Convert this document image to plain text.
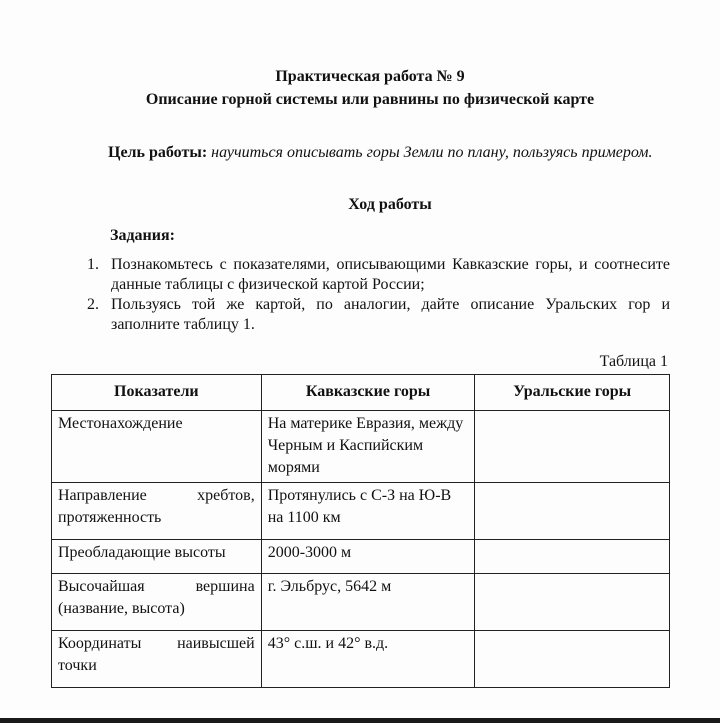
Практическая работа № 9
Описание горной системы или равнины по физической карте
Цель работы: научиться описывать горы Земли по плану, пользуясь примером.
Ход работы
Задания:
1. Познакомьтесь с показателями, описывающими Кавказские горы, и соотнесите данные таблицы с физической картой России;
2. Пользуясь той же картой, по аналогии, дайте описание Уральских гор и заполните таблицу 1.
Таблица 1
Показатели	Кавказские горы	Уральские горы

Местонахождение	На материке Евразия, между Черным и Каспийским морями	

Направление хребтов,
протяженность	Протянулись с С-З на Ю-В на 1100 км	

Преобладающие высоты	2000-3000 м	

Высочайшая вершина
(название, высота)	г. Эльбрус, 5642 м	

Координаты наивысшей
точки	43° с.ш. и 42° в.д.	
